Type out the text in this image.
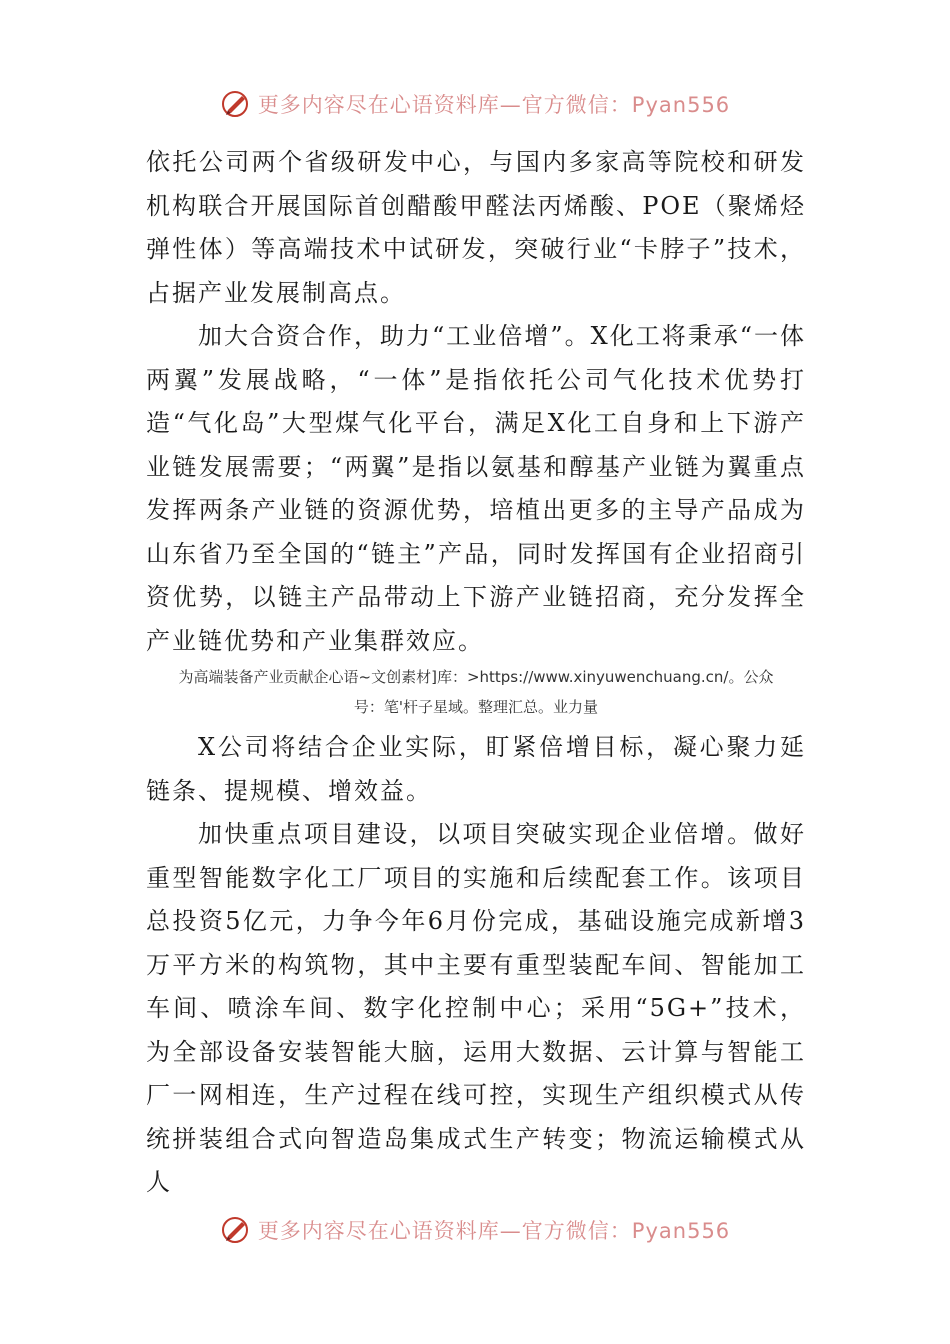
更多内容尽在心语资料库—官方微信：Pyan556

依托公司两个省级研发中心，与国内多家高等院校和研发机构联合开展国际首创醋酸甲醛法丙烯酸、POE（聚烯烃弹性体）等高端技术中试研发，突破行业“卡脖子”技术，占据产业发展制高点。

加大合资合作，助力“工业倍增”。X化工将秉承“一体两翼”发展战略，“一体”是指依托公司气化技术优势打造“气化岛”大型煤气化平台，满足X化工自身和上下游产业链发展需要；“两翼”是指以氨基和醇基产业链为翼重点发挥两条产业链的资源优势，培植出更多的主导产品成为山东省乃至全国的“链主”产品，同时发挥国有企业招商引资优势，以链主产品带动上下游产业链招商，充分发挥全产业链优势和产业集群效应。

为高端装备产业贡献企心语~文创素材]库：>https://www.xinyuwenchuang.cn/。公众
号：笔'杆子星域。整理汇总。业力量

X公司将结合企业实际，盯紧倍增目标，凝心聚力延链条、提规模、增效益。

加快重点项目建设，以项目突破实现企业倍增。做好重型智能数字化工厂项目的实施和后续配套工作。该项目总投资5亿元，力争今年6月份完成，基础设施完成新增3万平方米的构筑物，其中主要有重型装配车间、智能加工车间、喷涂车间、数字化控制中心；采用“5G+”技术，为全部设备安装智能大脑，运用大数据、云计算与智能工厂一网相连，生产过程在线可控，实现生产组织模式从传统拼装组合式向智造岛集成式生产转变；物流运输模式从人

更多内容尽在心语资料库—官方微信：Pyan556
